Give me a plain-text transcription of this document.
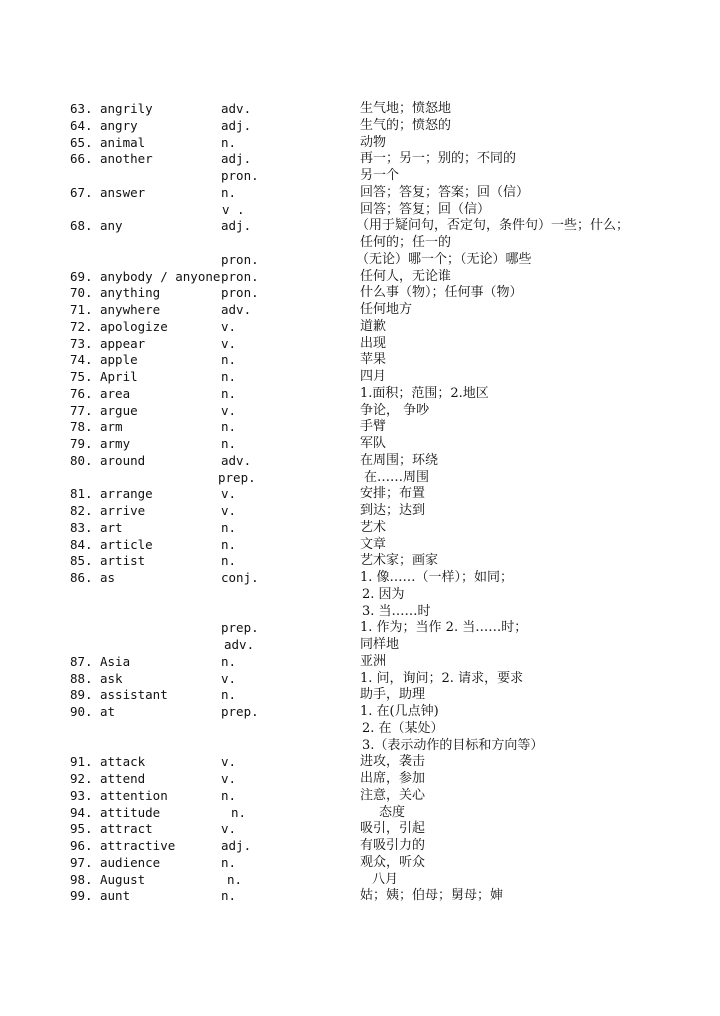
63. angrily	adv.	生气地；愤怒地
64. angry	adj.	生气的；愤怒的
65. animal	n.	动物
66. another	adj.	再一；另一；别的；不同的
pron.	另一个
67. answer	n.	回答；答复；答案；回（信）
v .	回答；答复；回（信）
68. any	adj.	（用于疑问句，否定句，条件句）一些；什么；
任何的；任一的
pron.	（无论）哪一个；（无论）哪些
69. anybody / anyone pron.	任何人，无论谁
70. anything	pron.	什么事（物）；任何事（物）
71. anywhere	adv.	任何地方
72. apologize	v.	道歉
73. appear	v.	出现
74. apple	n.	苹果
75. April	n.	四月
76. area	n.	1.面积；范围；2.地区
77. argue	v.	争论， 争吵
78. arm	n.	手臂
79. army	n.	军队
80. around	adv.	在周围；环绕
prep.	在……周围
81. arrange	v.	安排；布置
82. arrive	v.	到达；达到
83. art	n.	艺术
84. article	n.	文章
85. artist	n.	艺术家；画家
86. as	conj.	1. 像……（一样）；如同；
2. 因为
3. 当……时
prep.	1. 作为；当作 2. 当……时；
adv.	同样地
87. Asia	n.	亚洲
88. ask	v.	1. 问，询问；2. 请求，要求
89. assistant	n.	助手，助理
90. at	prep.	1. 在(几点钟)
2. 在（某处）
3.（表示动作的目标和方向等）
91. attack	v.	进攻，袭击
92. attend	v.	出席，参加
93. attention	n.	注意，关心
94. attitude	n.	态度
95. attract	v.	吸引，引起
96. attractive	adj.	有吸引力的
97. audience	n.	观众，听众
98. August	n.	八月
99. aunt	n.	姑；姨；伯母；舅母；婶
